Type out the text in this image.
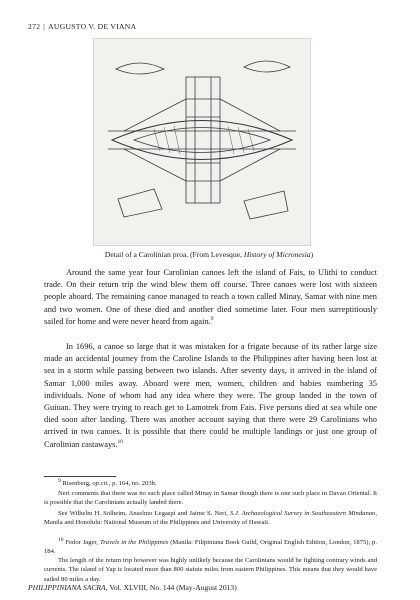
272 | AUGUSTO V. DE VIANA
Detail of a Carolinian proa. (From Levesque, History of Micronesia)

Around the same year four Carolinian canoes left the island of Fais, to Ulithi to conduct trade. On their return trip the wind blew them off course. Three canoes were lost with sixteen people aboard. The remaining canoe managed to reach a town called Minay, Samar with nine men and two women. One of these died and another died sometime later. Four men surreptitiously sailed for home and were never heard from again.$^9$

In 1696, a canoe so large that it was mistaken for a frigate because of its rather large size made an accidental journey from the Caroline Islands to the Philippines after having been lost at sea in a storm while passing between two islands. After seventy days, it arrived in the island of Samar 1,000 miles away. Aboard were men, women, children and babies numbering 35 individuals. None of whom had any idea where they were. The group landed in the town of Guiuan. They were trying to reach get to Lamotrek from Fais. Five persons died at sea while one died soon after landing. There was another account saying that there were 29 Carolinians who arrived in two canoes. It is possible that there could be multiple landings or just one group of Carolinian castaways.$^{10}$

$^9$ Risenberg, op.cit., p. 164, no. 203b.

Neri comments that there was no such place called Minay in Samar though there is one such place in Davao Oriental. It is possible that the Carolinians actually landed there.

See Wilhelm H. Solheim, Anselmo Legaspi and Jaime S. Neri, S.J. Archaeological Survey in Southeastern Mindanao, Manila and Honolulu: National Museum of the Philippines and University of Hawaii.

$^{10}$ Fedor Jager, Travels in the Philippines (Manila: Filipiniana Book Guild, Original English Edition, London, 1875), p. 184.

The length of the return trip however was highly unlikely because the Carolinians would be fighting contrary winds and currents. The island of Yap is located more than 800 statute miles from eastern Philippines. This means that they would have sailed 80 miles a day.

PHILIPPINIANA SACRA, Vol. XLVIII, No. 144 (May-August 2013)
